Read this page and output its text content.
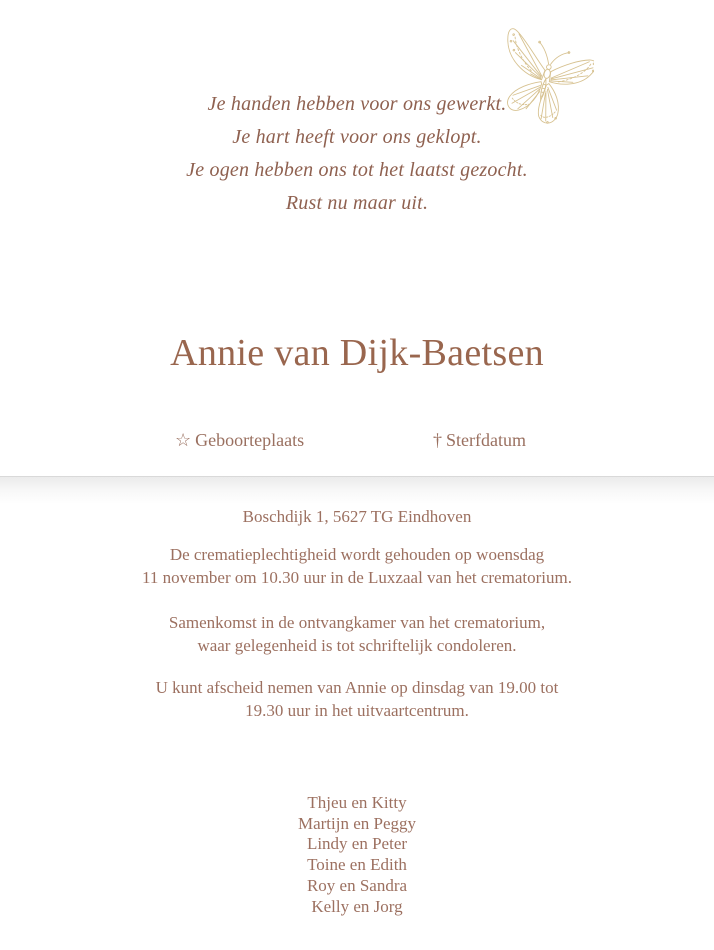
Je handen hebben voor ons gewerkt.
Je hart heeft voor ons geklopt.
Je ogen hebben ons tot het laatst gezocht.
Rust nu maar uit.
Annie van Dijk-Baetsen
☆ Geboorteplaats	† Sterfdatum
Boschdijk 1, 5627 TG Eindhoven

De crematieplechtigheid wordt gehouden op woensdag
11 november om 10.30 uur in de Luxzaal van het crematorium.

Samenkomst in de ontvangkamer van het crematorium,
waar gelegenheid is tot schriftelijk condoleren.

U kunt afscheid nemen van Annie op dinsdag van 19.00 tot
19.30 uur in het uitvaartcentrum.

Thjeu en Kitty
Martijn en Peggy
Lindy en Peter
Toine en Edith
Roy en Sandra
Kelly en Jorg
